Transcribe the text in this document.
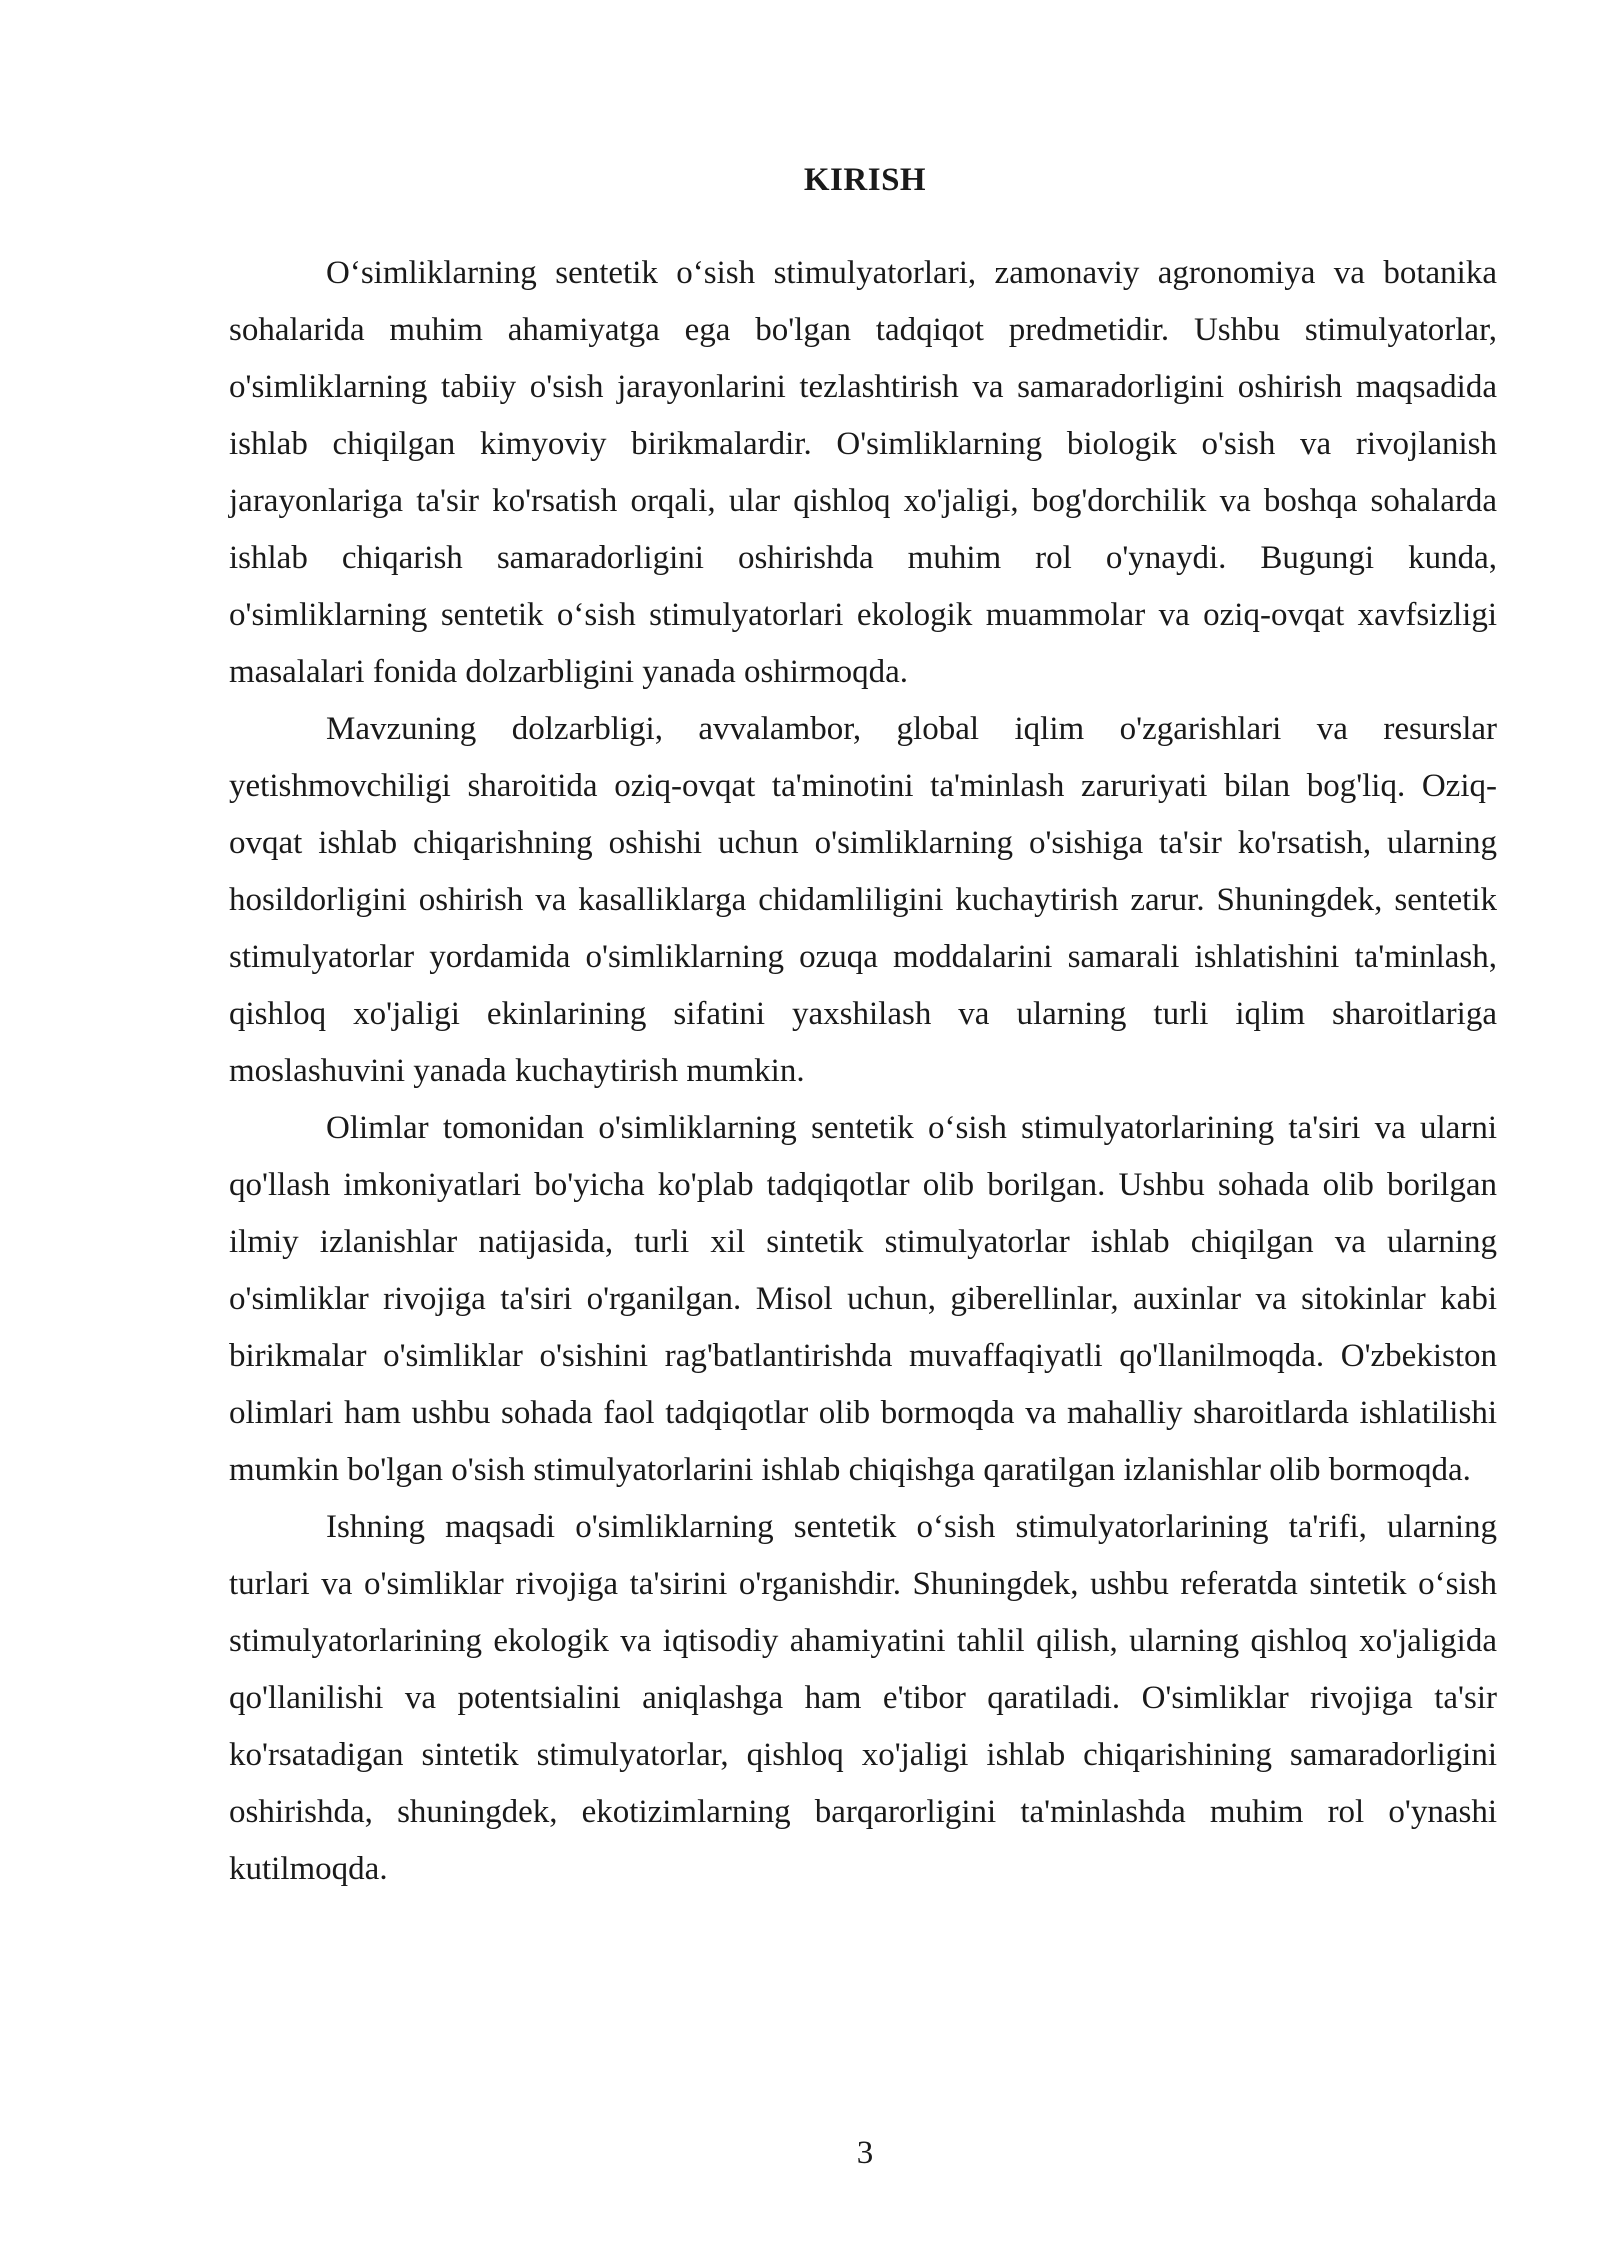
KIRISH

O‘simliklarning sentetik o‘sish stimulyatorlari, zamonaviy agronomiya va botanika sohalarida muhim ahamiyatga ega bo'lgan tadqiqot predmetidir. Ushbu stimulyatorlar, o'simliklarning tabiiy o'sish jarayonlarini tezlashtirish va samaradorligini oshirish maqsadida ishlab chiqilgan kimyoviy birikmalardir. O'simliklarning biologik o'sish va rivojlanish jarayonlariga ta'sir ko'rsatish orqali, ular qishloq xo'jaligi, bog'dorchilik va boshqa sohalarda ishlab chiqarish samaradorligini oshirishda muhim rol o'ynaydi. Bugungi kunda, o'simliklarning sentetik o‘sish stimulyatorlari ekologik muammolar va oziq-ovqat xavfsizligi masalalari fonida dolzarbligini yanada oshirmoqda.

Mavzuning dolzarbligi, avvalambor, global iqlim o'zgarishlari va resurslar yetishmovchiligi sharoitida oziq-ovqat ta'minotini ta'minlash zaruriyati bilan bog'liq. Oziq-ovqat ishlab chiqarishning oshishi uchun o'simliklarning o'sishiga ta'sir ko'rsatish, ularning hosildorligini oshirish va kasalliklarga chidamliligini kuchaytirish zarur. Shuningdek, sentetik stimulyatorlar yordamida o'simliklarning ozuqa moddalarini samarali ishlatishini ta'minlash, qishloq xo'jaligi ekinlarining sifatini yaxshilash va ularning turli iqlim sharoitlariga moslashuvini yanada kuchaytirish mumkin.

Olimlar tomonidan o'simliklarning sentetik o‘sish stimulyatorlarining ta'siri va ularni qo'llash imkoniyatlari bo'yicha ko'plab tadqiqotlar olib borilgan. Ushbu sohada olib borilgan ilmiy izlanishlar natijasida, turli xil sintetik stimulyatorlar ishlab chiqilgan va ularning o'simliklar rivojiga ta'siri o'rganilgan. Misol uchun, giberellinlar, auxinlar va sitokinlar kabi birikmalar o'simliklar o'sishini rag'batlantirishda muvaffaqiyatli qo'llanilmoqda. O'zbekiston olimlari ham ushbu sohada faol tadqiqotlar olib bormoqda va mahalliy sharoitlarda ishlatilishi mumkin bo'lgan o'sish stimulyatorlarini ishlab chiqishga qaratilgan izlanishlar olib bormoqda.

Ishning maqsadi o'simliklarning sentetik o‘sish stimulyatorlarining ta'rifi, ularning turlari va o'simliklar rivojiga ta'sirini o'rganishdir. Shuningdek, ushbu referatda sintetik o‘sish stimulyatorlarining ekologik va iqtisodiy ahamiyatini tahlil qilish, ularning qishloq xo'jaligida qo'llanilishi va potentsialini aniqlashga ham e'tibor qaratiladi. O'simliklar rivojiga ta'sir ko'rsatadigan sintetik stimulyatorlar, qishloq xo'jaligi ishlab chiqarishining samaradorligini oshirishda, shuningdek, ekotizimlarning barqarorligini ta'minlashda muhim rol o'ynashi kutilmoqda.

3
